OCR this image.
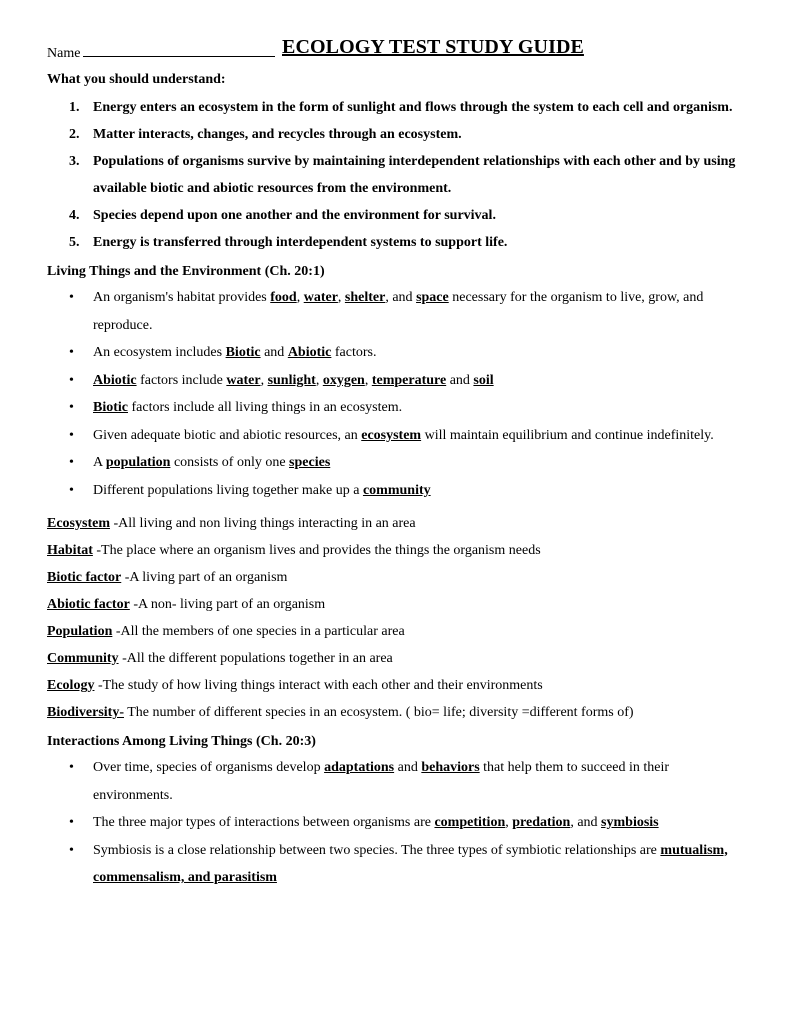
Name	ECOLOGY TEST STUDY GUIDE

What you should understand:

1. Energy enters an ecosystem in the form of sunlight and flows through the system to each cell and organism.
2. Matter interacts, changes, and recycles through an ecosystem.
3. Populations of organisms survive by maintaining interdependent relationships with each other and by using available biotic and abiotic resources from the environment.
4. Species depend upon one another and the environment for survival.
5. Energy is transferred through interdependent systems to support life.

Living Things and the Environment (Ch. 20:1)

• An organism's habitat provides food, water, shelter, and space necessary for the organism to live, grow, and reproduce.
• An ecosystem includes Biotic and Abiotic factors.
• Abiotic factors include water, sunlight, oxygen, temperature and soil
• Biotic factors include all living things in an ecosystem.
• Given adequate biotic and abiotic resources, an ecosystem will maintain equilibrium and continue indefinitely.
• A population consists of only one species
• Different populations living together make up a community
Ecosystem -All living and non living things interacting in an area
Habitat -The place where an organism lives and provides the things the organism needs
Biotic factor -A living part of an organism
Abiotic factor -A non- living part of an organism
Population -All the members of one species in a particular area
Community -All the different populations together in an area
Ecology -The study of how living things interact with each other and their environments
Biodiversity- The number of different species in an ecosystem. ( bio= life; diversity =different forms of)

Interactions Among Living Things (Ch. 20:3)

• Over time, species of organisms develop adaptations and behaviors that help them to succeed in their environments.
• The three major types of interactions between organisms are competition, predation, and symbiosis
• Symbiosis is a close relationship between two species. The three types of symbiotic relationships are mutualism, commensalism, and parasitism
